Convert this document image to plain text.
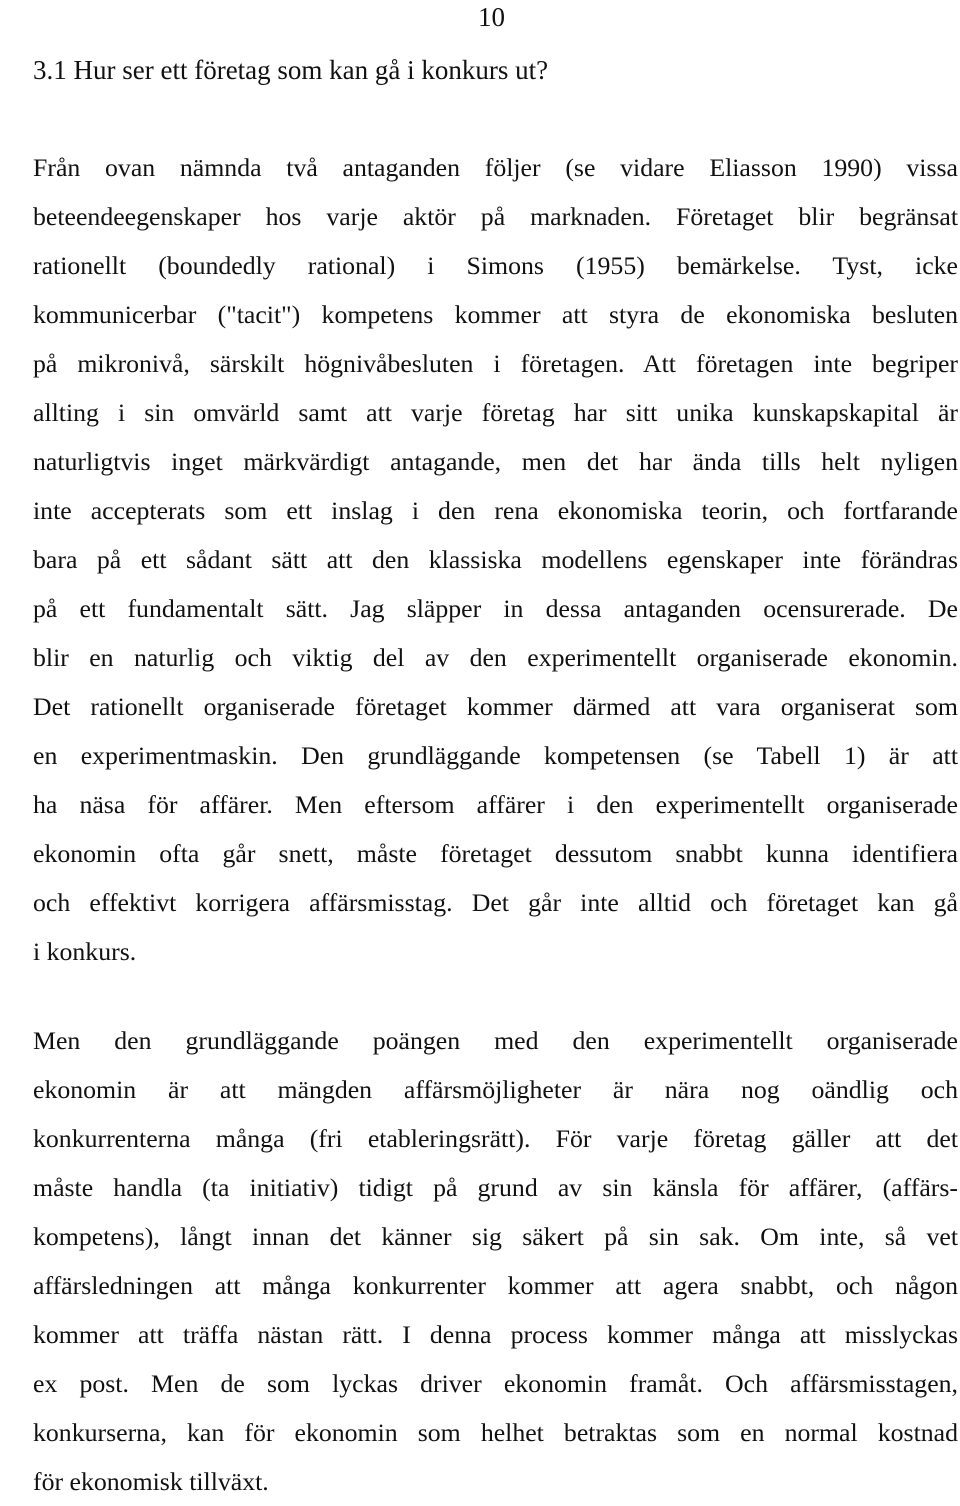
10
3.1 Hur ser ett företag som kan gå i konkurs ut?
Från ovan nämnda två antaganden följer (se vidare Eliasson 1990) vissa
beteendeegenskaper hos varje aktör på marknaden. Företaget blir begränsat
rationellt (boundedly rational) i Simons (1955) bemärkelse. Tyst, icke
kommunicerbar ("tacit") kompetens kommer att styra de ekonomiska besluten
på mikronivå, särskilt högnivåbesluten i företagen. Att företagen inte begriper
allting i sin omvärld samt att varje företag har sitt unika kunskapskapital är
naturligtvis inget märkvärdigt antagande, men det har ända tills helt nyligen
inte accepterats som ett inslag i den rena ekonomiska teorin, och fortfarande
bara på ett sådant sätt att den klassiska modellens egenskaper inte förändras
på ett fundamentalt sätt. Jag släpper in dessa antaganden ocensurerade. De
blir en naturlig och viktig del av den experimentellt organiserade ekonomin.
Det rationellt organiserade företaget kommer därmed att vara organiserat som
en experimentmaskin. Den grundläggande kompetensen (se Tabell 1) är att
ha näsa för affärer. Men eftersom affärer i den experimentellt organiserade
ekonomin ofta går snett, måste företaget dessutom snabbt kunna identifiera
och effektivt korrigera affärsmisstag. Det går inte alltid och företaget kan gå
i konkurs.
Men den grundläggande poängen med den experimentellt organiserade
ekonomin är att mängden affärsmöjligheter är nära nog oändlig och
konkurrenterna många (fri etableringsrätt). För varje företag gäller att det
måste handla (ta initiativ) tidigt på grund av sin känsla för affärer, (affärs-
kompetens), långt innan det känner sig säkert på sin sak. Om inte, så vet
affärsledningen att många konkurrenter kommer att agera snabbt, och någon
kommer att träffa nästan rätt. I denna process kommer många att misslyckas
ex post. Men de som lyckas driver ekonomin framåt. Och affärsmisstagen,
konkurserna, kan för ekonomin som helhet betraktas som en normal kostnad
för ekonomisk tillväxt.
